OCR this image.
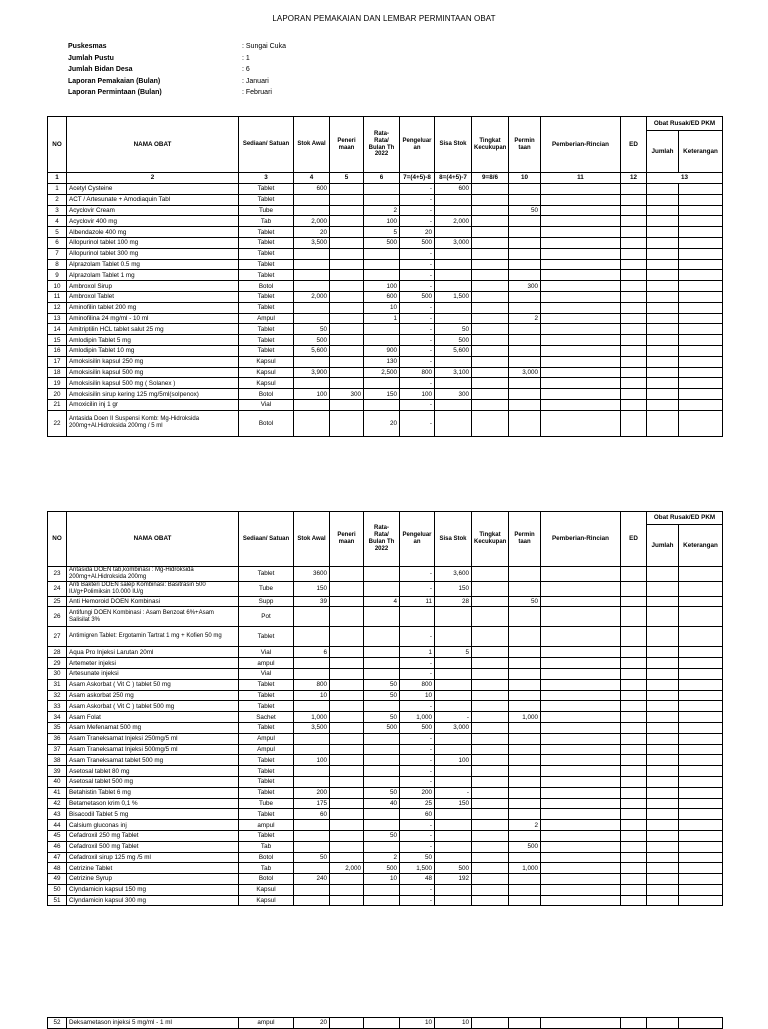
LAPORAN PEMAKAIAN DAN LEMBAR PERMINTAAN OBAT
Puskesmas	: Sungai Cuka
Jumlah Pustu	: 1
Jumlah Bidan Desa	: 6
Laporan Pemakaian (Bulan)	: Januari
Laporan Permintaan (Bulan)	: Februari
NO	NAMA OBAT	Sediaan/ Satuan	Stok Awal	Peneri maan	Rata- Rata/ Bulan Th 2022	Pengeluar an	Sisa Stok	Tingkat Kecukupan	Permin taan	Pemberian-Rincian	ED	Obat Rusak/ED PKM	
												Jumlah	Keterangan
1	2	3	4	5	6	7=(4+5)-8	8=(4+5)-7	9=8/6	10	11	12	13	
1	Acetyl Cysteine	Tablet	600			-	600						
2	ACT / Artesunate + Amodiaquin Tabl	Tablet				-							
3	Acyclovir Cream	Tube			2	-			50				
4	Acyclovir 400 mg	Tab	2,000		100	-	2,000						
5	Albendazole 400 mg	Tablet	20		5	20							
6	Allopurinol tablet 100 mg	Tablet	3,500		500	500	3,000						
7	Allopurinol tablet 300 mg	Tablet				-							
8	Alprazolam Tablet 0.5 mg	Tablet				-							
9	Alprazolam Tablet 1 mg	Tablet				-							
10	Ambroxol Sirup	Botol			100	-			300				
11	Ambroxol Tablet	Tablet	2,000		600	500	1,500						
12	Aminofilin tablet 200 mg	Tablet			10	-							
13	Aminofilina 24 mg/ml - 10 ml	Ampul			1	-			2				
14	Amitriptilin HCL tablet salut 25 mg	Tablet	50			-	50						
15	Amlodipin Tablet 5 mg	Tablet	500			-	500						
16	Amlodipin Tablet 10 mg	Tablet	5,600		900	-	5,600						
17	Amoksisilin kapsul 250 mg	Kapsul			130	-							
18	Amoksisilin kapsul 500 mg	Kapsul	3,900		2,500	800	3,100		3,000				
19	Amoksisilin kapsul 500 mg ( Solanex )	Kapsul				-							
20	Amoksisilin sirup kering 125 mg/5ml(solpenox)	Botol	100	300	150	100	300						
21	Amoxicilin inj 1 gr	Vial				-							
22	Antasida Doen II Suspensi Komb: Mg-Hidroksida 200mg+Al.Hidroksida 200mg / 5 ml	Botol			20	-							
NO	NAMA OBAT	Sediaan/ Satuan	Stok Awal	Peneri maan	Rata- Rata/ Bulan Th 2022	Pengeluar an	Sisa Stok	Tingkat Kecukupan	Permin taan	Pemberian-Rincian	ED	Obat Rusak/ED PKM	
												Jumlah	Keterangan
23	Antasida DOEN tab,kombinasi : Mg-Hidroksida 200mg+Al.Hidroksida 200mg	Tablet	3600			-	3,600						
24	Anti Bakteri DOEN salep Kombinasi: Basitrasin 500 IU/g+Polimiksin 10.000 IU/g	Tube	150			-	150						
25	Anti Hemoroid DOEN Kombinasi	Supp	39		4	11	28		50				
26	Antifungi DOEN Kombinasi : Asam Benzoat 6%+Asam Salisilat 3%	Pot											
27	Antimigren Tablet: Ergotamin Tartrat 1 mg + Kofien 50 mg	Tablet				-							
28	Aqua Pro Injeksi Larutan 20ml	Vial	6			1	5						
29	Artemeter injeksi	ampul				-							
30	Artesunate injeksi	Vial				-							
31	Asam Askorbat ( Vit C ) tablet 50 mg	Tablet	800		50	800							
32	Asam askorbat 250 mg	Tablet	10		50	10							
33	Asam Askorbat ( Vit C ) tablet 500 mg	Tablet				-							
34	Asam Folat	Sachet	1,000		50	1,000	-		1,000				
35	Asam Mefenamat 500 mg	Tablet	3,500		500	500	3,000						
36	Asam Traneksamat Injeksi 250mg/5 ml	Ampul				-							
37	Asam Traneksamat Injeksi 500mg/5 ml	Ampul				-							
38	Asam Traneksamat tablet 500 mg	Tablet	100			-	100						
39	Asetosal tablet 80 mg	Tablet				-							
40	Asetosal tablet 500 mg	Tablet				-							
41	Betahistin Tablet 6 mg	Tablet	200		50	200	-						
42	Betametason krim 0,1 %	Tube	175		40	25	150						
43	Bisacodil Tablet 5 mg	Tablet	60			60							
44	Calsium gluconas inj	ampul				-			2				
45	Cefadroxil 250 mg Tablet	Tablet			50	-							
46	Cefadroxil 500 mg Tablet	Tab				-			500				
47	Cefadroxil sirup 125 mg /5 ml	Botol	50		2	50							
48	Cetrizine Tablet	Tab		2,000	500	1,500	500		1,000				
49	Cetrizine Syrup	Botol	240		10	48	192						
50	Clyndamicin kapsul 150 mg	Kapsul				-							
51	Clyndamicin kapsul 300 mg	Kapsul				-							
52	Deksametason injeksi 5 mg/ml - 1 ml	ampul	20			10	10						
